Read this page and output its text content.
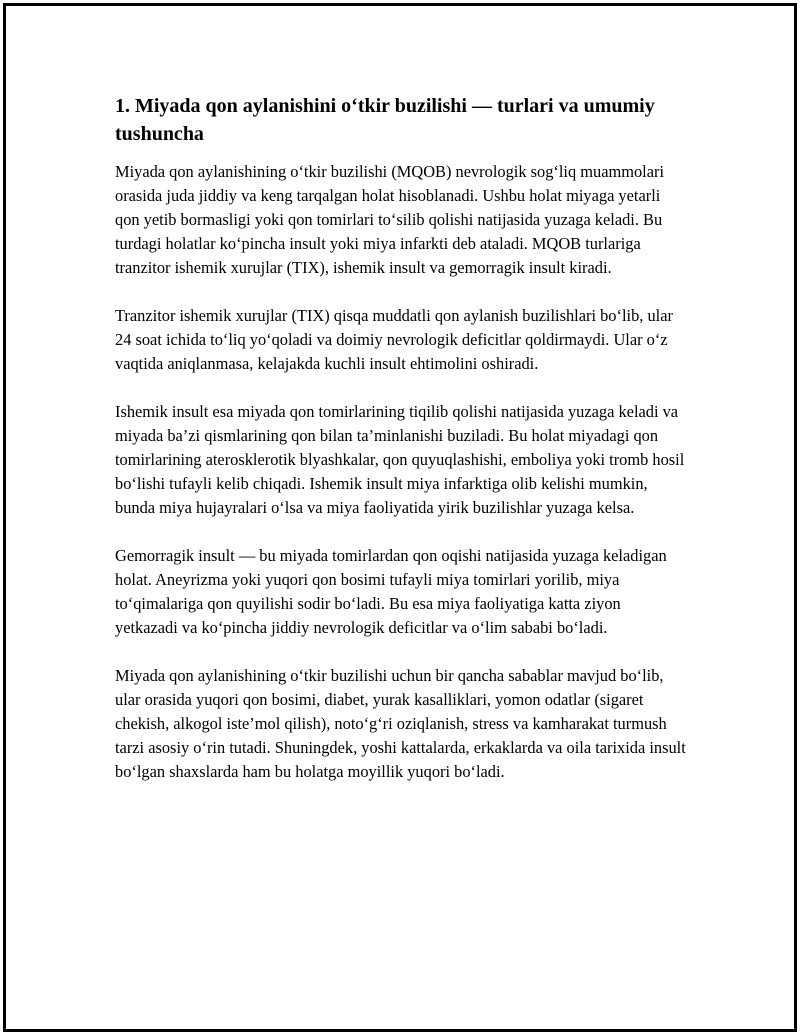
1. Miyada qon aylanishini o‘tkir buzilishi — turlari va umumiy tushuncha

Miyada qon aylanishining o‘tkir buzilishi (MQOB) nevrologik sog‘liq muammolari orasida juda jiddiy va keng tarqalgan holat hisoblanadi. Ushbu holat miyaga yetarli qon yetib bormasligi yoki qon tomirlari to‘silib qolishi natijasida yuzaga keladi. Bu turdagi holatlar ko‘pincha insult yoki miya infarkti deb ataladi. MQOB turlariga tranzitor ishemik xurujlar (TIX), ishemik insult va gemorragik insult kiradi.

Tranzitor ishemik xurujlar (TIX) qisqa muddatli qon aylanish buzilishlari bo‘lib, ular 24 soat ichida to‘liq yo‘qoladi va doimiy nevrologik deficitlar qoldirmaydi. Ular o‘z vaqtida aniqlanmasa, kelajakda kuchli insult ehtimolini oshiradi.

Ishemik insult esa miyada qon tomirlarining tiqilib qolishi natijasida yuzaga keladi va miyada ba’zi qismlarining qon bilan ta’minlanishi buziladi. Bu holat miyadagi qon tomirlarining aterosklerotik blyashkalar, qon quyuqlashishi, emboliya yoki tromb hosil bo‘lishi tufayli kelib chiqadi. Ishemik insult miya infarktiga olib kelishi mumkin, bunda miya hujayralari o‘lsa va miya faoliyatida yirik buzilishlar yuzaga kelsa.

Gemorragik insult — bu miyada tomirlardan qon oqishi natijasida yuzaga keladigan holat. Aneyrizma yoki yuqori qon bosimi tufayli miya tomirlari yorilib, miya to‘qimalariga qon quyilishi sodir bo‘ladi. Bu esa miya faoliyatiga katta ziyon yetkazadi va ko‘pincha jiddiy nevrologik deficitlar va o‘lim sababi bo‘ladi.

Miyada qon aylanishining o‘tkir buzilishi uchun bir qancha sabablar mavjud bo‘lib, ular orasida yuqori qon bosimi, diabet, yurak kasalliklari, yomon odatlar (sigaret chekish, alkogol iste’mol qilish), noto‘g‘ri oziqlanish, stress va kamharakat turmush tarzi asosiy o‘rin tutadi. Shuningdek, yoshi kattalarda, erkaklarda va oila tarixida insult bo‘lgan shaxslarda ham bu holatga moyillik yuqori bo‘ladi.
